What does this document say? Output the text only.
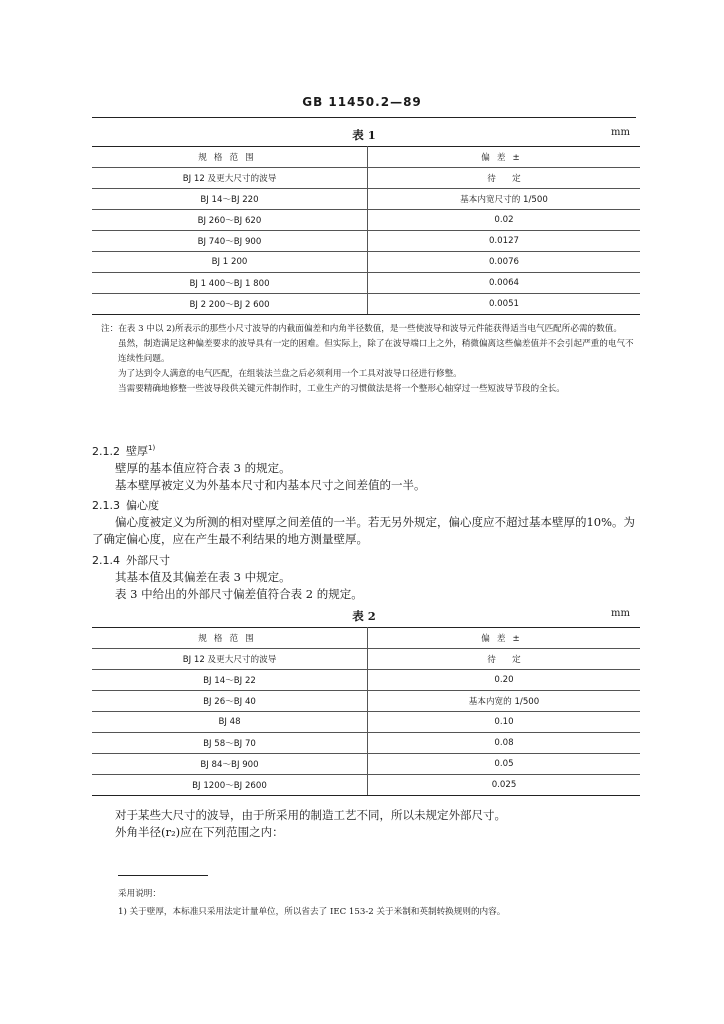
GB 11450.2—89
表 1	mm
规格范围	偏差±
BJ 12 及更大尺寸的波导	待      定
BJ 14～BJ 220	基本内宽尺寸的 1/500
BJ 260～BJ 620	0.02
BJ 740～BJ 900	0.0127
BJ 1 200	0.0076
BJ 1 400～BJ 1 800	0.0064
BJ 2 200～BJ 2 600	0.0051

注：在表 3 中以 2)所表示的那些小尺寸波导的内截面偏差和内角半径数值，是一些使波导和波导元件能获得适当电气匹配所必需的数值。

虽然，制造满足这种偏差要求的波导具有一定的困难。但实际上，除了在波导端口上之外，稍微偏离这些偏差值并不会引起严重的电气不连续性问题。

为了达到令人满意的电气匹配，在组装法兰盘之后必须利用一个工具对波导口径进行修整。

当需要精确地修整一些波导段供关键元件制作时，工业生产的习惯做法是将一个整形心轴穿过一些短波导节段的全长。

2.1.2 壁厚$^{1)}$

壁厚的基本值应符合表 3 的规定。

基本壁厚被定义为外基本尺寸和内基本尺寸之间差值的一半。

2.1.3 偏心度

偏心度被定义为所测的相对壁厚之间差值的一半。若无另外规定，偏心度应不超过基本壁厚的10%。为了确定偏心度，应在产生最不利结果的地方测量壁厚。

2.1.4 外部尺寸

其基本值及其偏差在表 3 中规定。

表 3 中给出的外部尺寸偏差值符合表 2 的规定。

表 2	mm
规格范围	偏差±
BJ 12 及更大尺寸的波导	待      定
BJ 14～BJ 22	0.20
BJ 26～BJ 40	基本内宽的 1/500
BJ 48	0.10
BJ 58～BJ 70	0.08
BJ 84～BJ 900	0.05
BJ 1200～BJ 2600	0.025

对于某些大尺寸的波导，由于所采用的制造工艺不同，所以未规定外部尺寸。

外角半径(r₂)应在下列范围之内：

采用说明：

1) 关于壁厚，本标准只采用法定计量单位，所以省去了 IEC 153-2 关于米制和英制转换规则的内容。
